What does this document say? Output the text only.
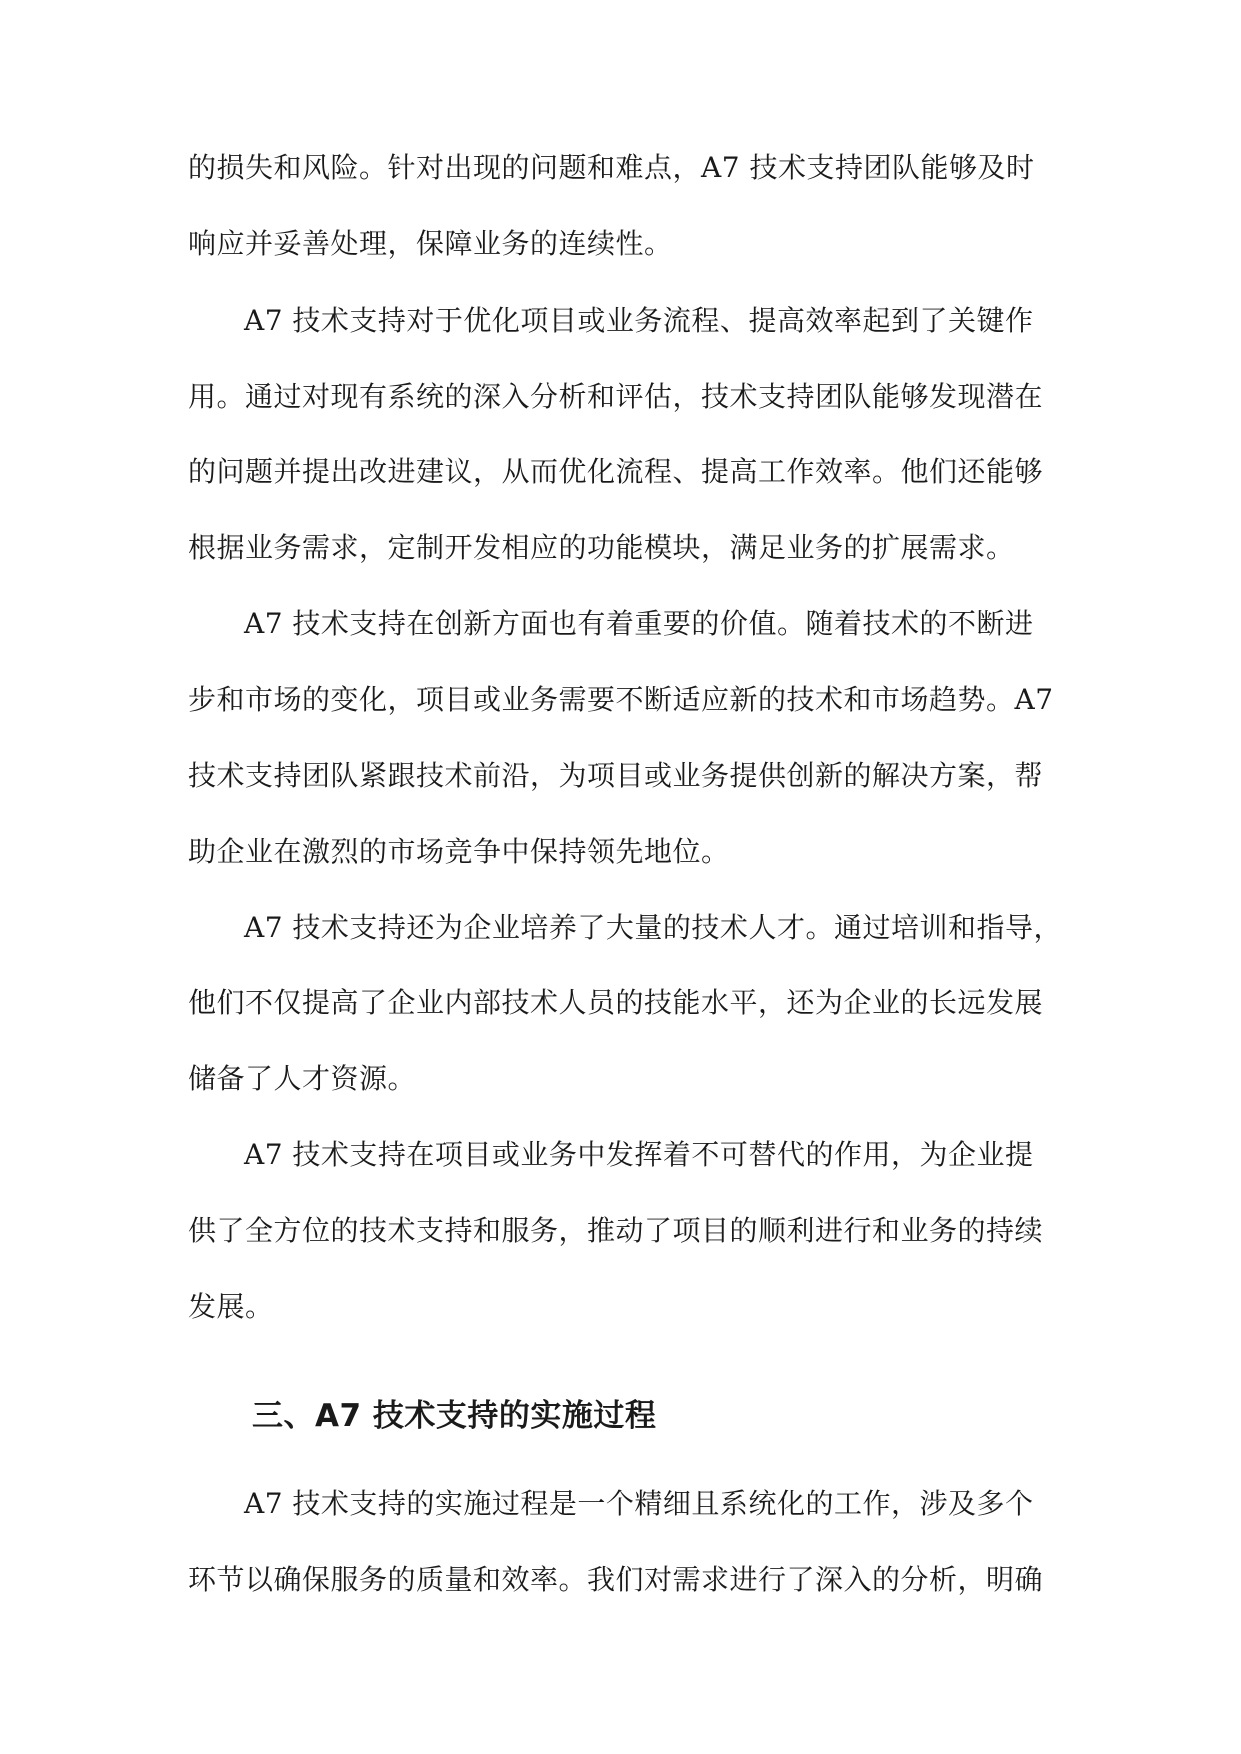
的损失和风险。针对出现的问题和难点，A7 技术支持团队能够及时
响应并妥善处理，保障业务的连续性。
A7 技术支持对于优化项目或业务流程、提高效率起到了关键作
用。通过对现有系统的深入分析和评估，技术支持团队能够发现潜在
的问题并提出改进建议，从而优化流程、提高工作效率。他们还能够
根据业务需求，定制开发相应的功能模块，满足业务的扩展需求。
A7 技术支持在创新方面也有着重要的价值。随着技术的不断进
步和市场的变化，项目或业务需要不断适应新的技术和市场趋势。A7
技术支持团队紧跟技术前沿，为项目或业务提供创新的解决方案，帮
助企业在激烈的市场竞争中保持领先地位。
A7 技术支持还为企业培养了大量的技术人才。通过培训和指导，
他们不仅提高了企业内部技术人员的技能水平，还为企业的长远发展
储备了人才资源。
A7 技术支持在项目或业务中发挥着不可替代的作用，为企业提
供了全方位的技术支持和服务，推动了项目的顺利进行和业务的持续
发展。
三、A7 技术支持的实施过程
A7 技术支持的实施过程是一个精细且系统化的工作，涉及多个
环节以确保服务的质量和效率。我们对需求进行了深入的分析，明确
